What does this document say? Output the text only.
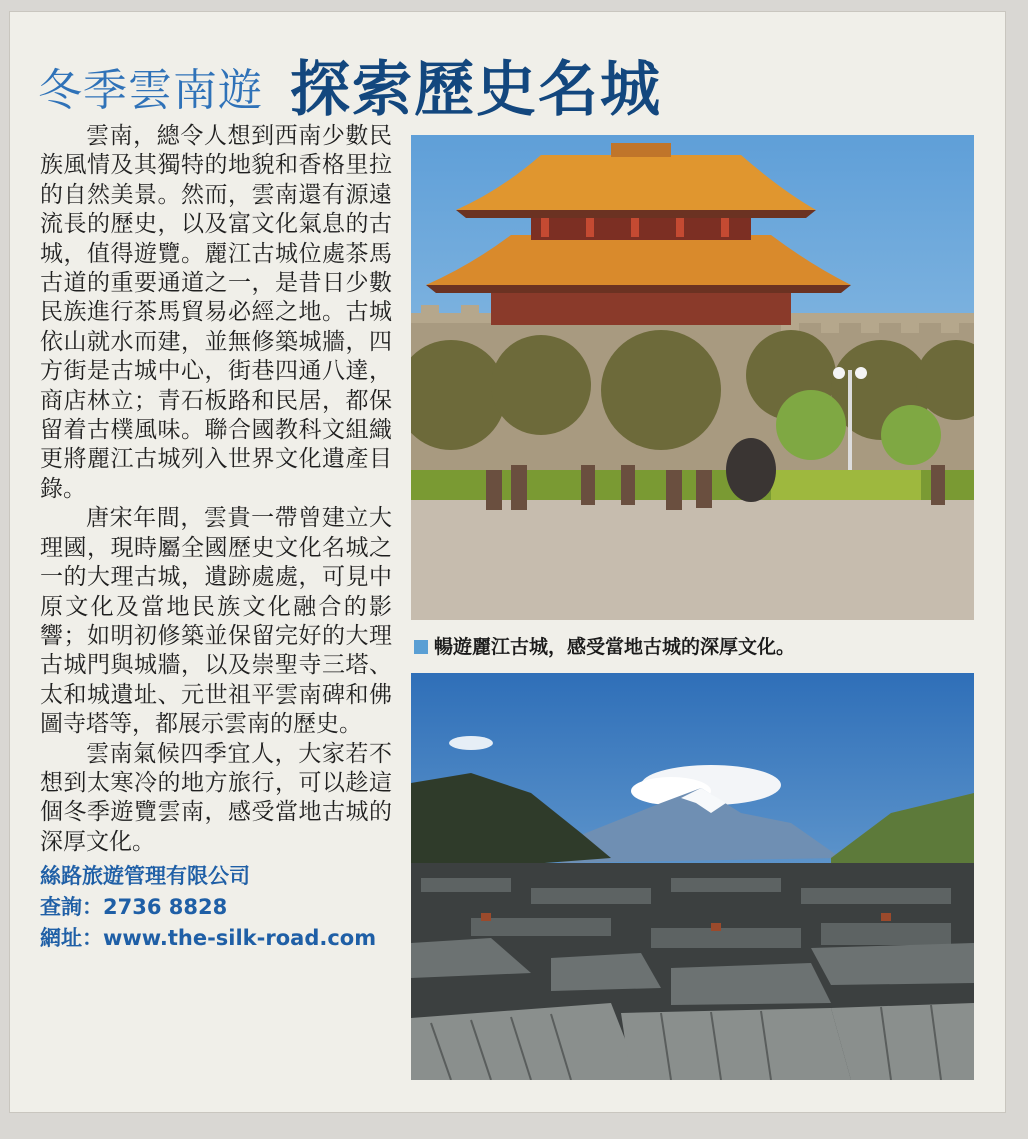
冬季雲南遊 探索歷史名城

雲南，總令人想到西南少數民族風情及其獨特的地貌和香格里拉的自然美景。然而，雲南還有源遠流長的歷史，以及富文化氣息的古城，值得遊覽。麗江古城位處茶馬古道的重要通道之一，是昔日少數民族進行茶馬貿易必經之地。古城依山就水而建，並無修築城牆，四方街是古城中心，街巷四通八達，商店林立；青石板路和民居，都保留着古樸風味。聯合國教科文組織更將麗江古城列入世界文化遺產目錄。

唐宋年間，雲貴一帶曾建立大理國，現時屬全國歷史文化名城之一的大理古城，遺跡處處，可見中原文化及當地民族文化融合的影響；如明初修築並保留完好的大理古城門與城牆，以及崇聖寺三塔、太和城遺址、元世祖平雲南碑和佛圖寺塔等，都展示雲南的歷史。

雲南氣候四季宜人，大家若不想到太寒冷的地方旅行，可以趁這個冬季遊覽雲南，感受當地古城的深厚文化。

絲路旅遊管理有限公司
查詢：2736 8828
網址：www.the-silk-road.com
暢遊麗江古城，感受當地古城的深厚文化。
